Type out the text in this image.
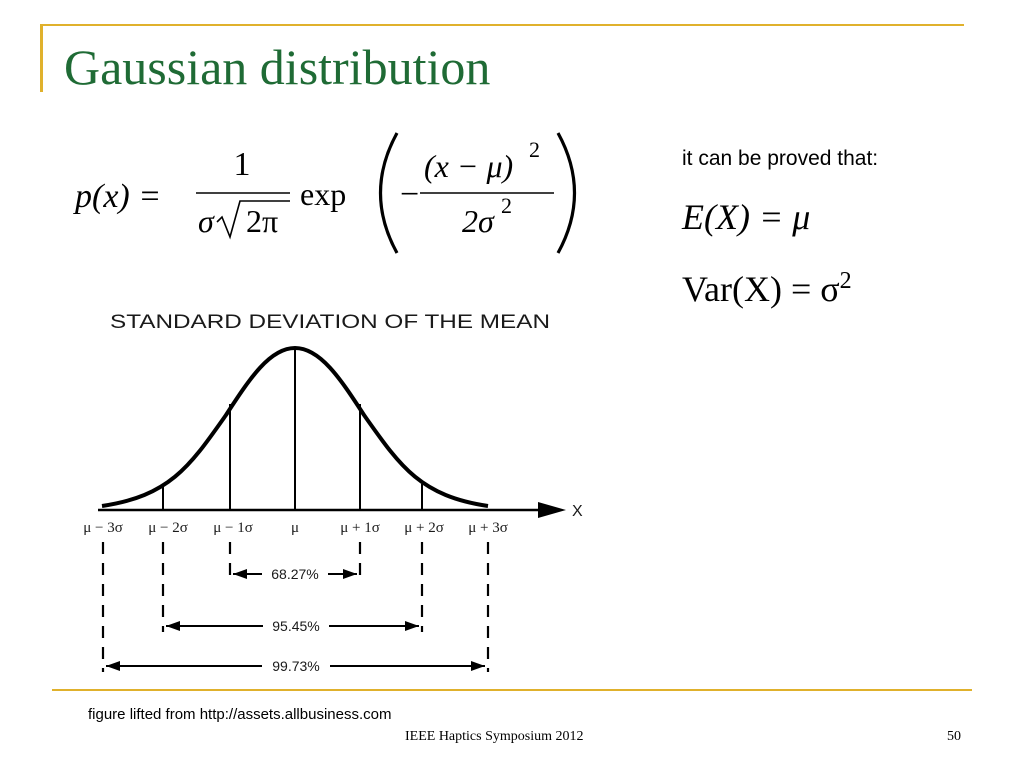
Gaussian distribution
p(x) =
1
σ 2π
exp −
(x − μ) 2
2σ 2
it can be proved that:
E(X) = μ
$Var(X) = \sigma^2$
STANDARD DEVIATION OF THE MEAN
X
μ − 3σ μ − 2σ μ − 1σ	μ	μ + 1σ μ + 2σ μ + 3σ
68.27%
95.45%
99.73%
figure lifted from http://assets.allbusiness.com
IEEE Haptics Symposium 2012	50
